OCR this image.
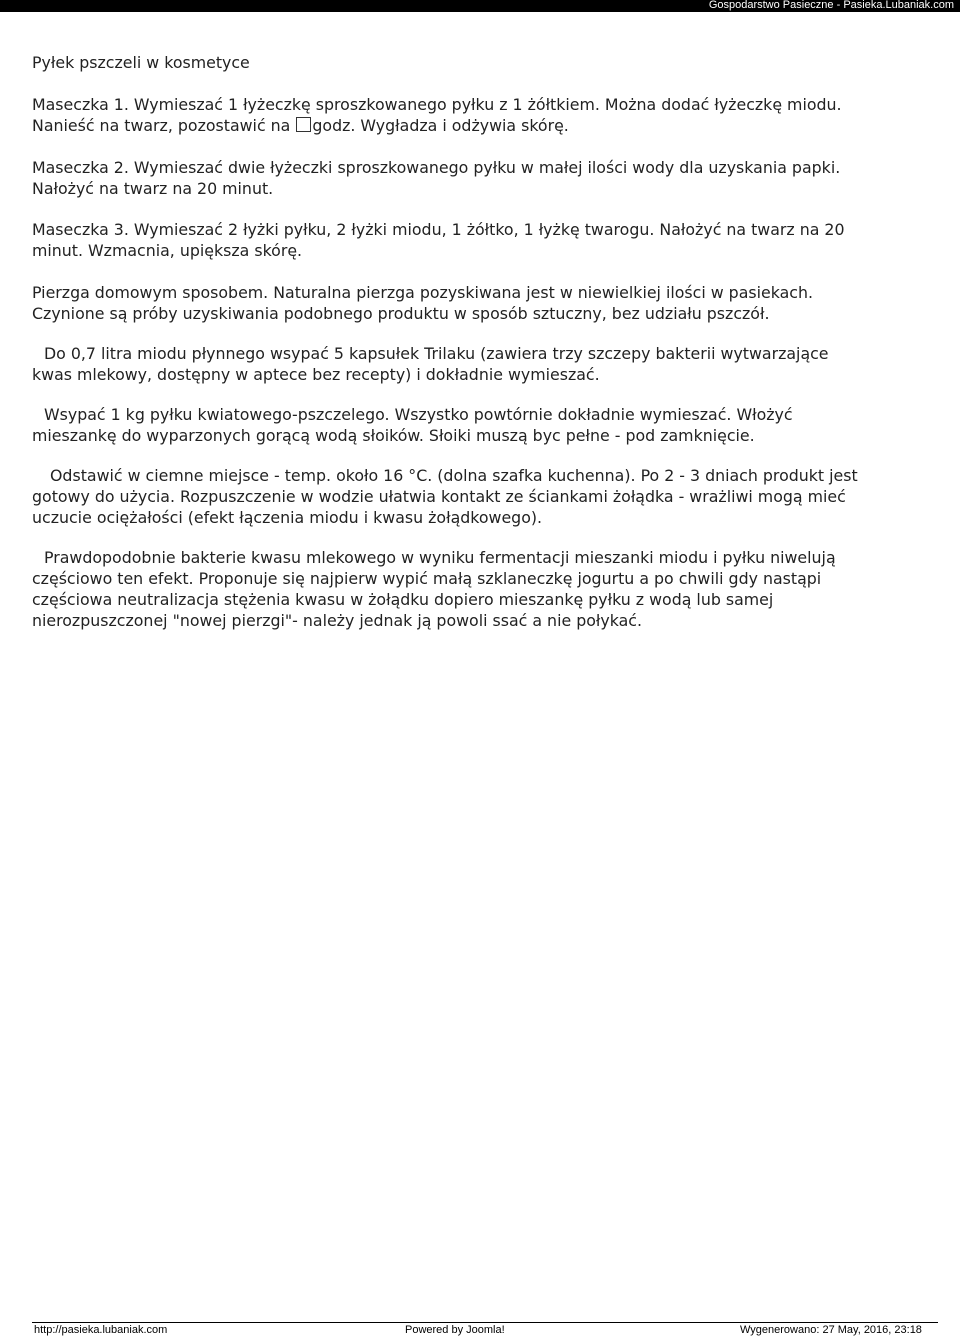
Gospodarstwo Pasieczne - Pasieka.Lubaniak.com

Pyłek pszczeli w kosmetyce

Maseczka 1. Wymieszać 1 łyżeczkę sproszkowanego pyłku z 1 żółtkiem. Można dodać łyżeczkę miodu.
Nanieść na twarz, pozostawić na godz. Wygładza i odżywia skórę.

Maseczka 2. Wymieszać dwie łyżeczki sproszkowanego pyłku w małej ilości wody dla uzyskania papki.
Nałożyć na twarz na 20 minut.

Maseczka 3. Wymieszać 2 łyżki pyłku, 2 łyżki miodu, 1 żółtko, 1 łyżkę twarogu. Nałożyć na twarz na 20
minut. Wzmacnia, upiększa skórę.

Pierzga domowym sposobem. Naturalna pierzga pozyskiwana jest w niewielkiej ilości w pasiekach.
Czynione są próby uzyskiwania podobnego produktu w sposób sztuczny, bez udziału pszczół.

Do 0,7 litra miodu płynnego wsypać 5 kapsułek Trilaku (zawiera trzy szczepy bakterii wytwarzające
kwas mlekowy, dostępny w aptece bez recepty) i dokładnie wymieszać.

Wsypać 1 kg pyłku kwiatowego-pszczelego. Wszystko powtórnie dokładnie wymieszać. Włożyć
mieszankę do wyparzonych gorącą wodą słoików. Słoiki muszą byc pełne - pod zamknięcie.

Odstawić w ciemne miejsce - temp. około 16 °C. (dolna szafka kuchenna). Po 2 - 3 dniach produkt jest
gotowy do użycia. Rozpuszczenie w wodzie ułatwia kontakt ze ściankami żołądka - wrażliwi mogą mieć
uczucie ociężałości (efekt łączenia miodu i kwasu żołądkowego).

Prawdopodobnie bakterie kwasu mlekowego w wyniku fermentacji mieszanki miodu i pyłku niwelują
częściowo ten efekt. Proponuje się najpierw wypić małą szklaneczkę jogurtu a po chwili gdy nastąpi
częściowa neutralizacja stężenia kwasu w żołądku dopiero mieszankę pyłku z wodą lub samej
nierozpuszczonej "nowej pierzgi"- należy jednak ją powoli ssać a nie połykać.

http://pasieka.lubaniak.com	Powered by Joomla!	Wygenerowano: 27 May, 2016, 23:18
